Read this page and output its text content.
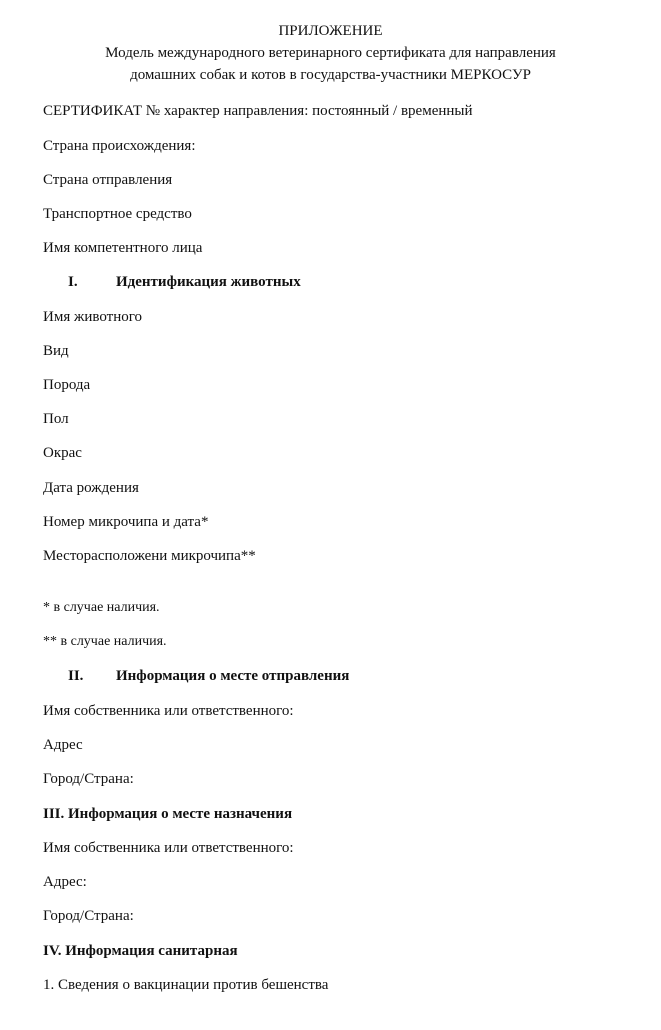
ПРИЛОЖЕНИЕ

Модель международного ветеринарного сертификата для направления

домашних собак и котов в государства-участники МЕРКОСУР

СЕРТИФИКАТ № характер направления: постоянный / временный

Страна происхождения:

Страна отправления

Транспортное средство

Имя компетентного лица

I.	Идентификация животных

Имя животного

Вид

Порода

Пол

Окрас

Дата рождения

Номер микрочипа и дата*

Месторасположени микрочипа**

* в случае наличия.

** в случае наличия.

II. Информация о месте отправления

Имя собственника или ответственного:

Адрес

Город/Страна:

III. Информация о месте назначения

Имя собственника или ответственного:

Адрес:

Город/Страна:

IV. Информация санитарная

1. Сведения о вакцинации против бешенства
